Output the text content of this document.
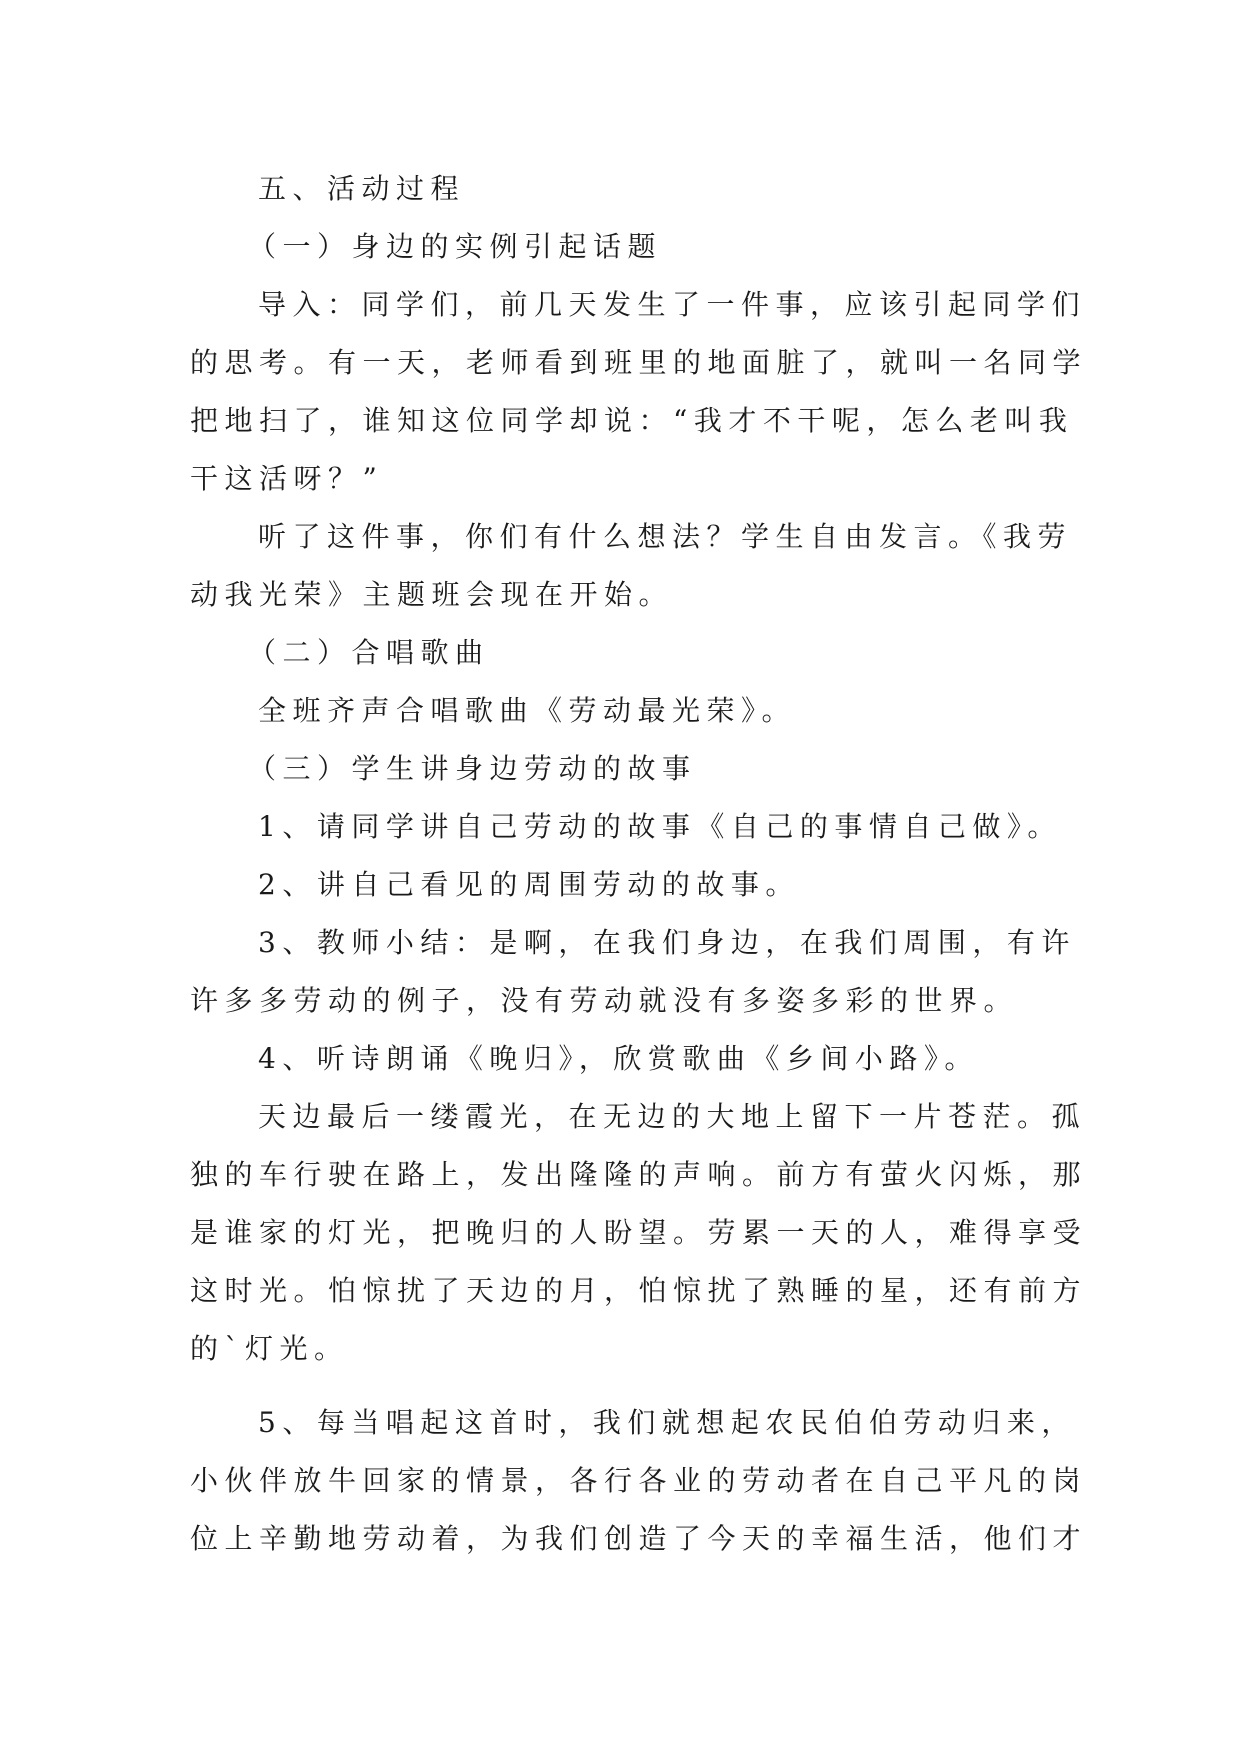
五、活动过程
（一）身边的实例引起话题
导入：同学们，前几天发生了一件事，应该引起同学们
的思考。有一天，老师看到班里的地面脏了，就叫一名同学
把地扫了，谁知这位同学却说：“我才不干呢，怎么老叫我
干这活呀？”
听了这件事，你们有什么想法？学生自由发言。《我劳
动我光荣》主题班会现在开始。
（二）合唱歌曲
全班齐声合唱歌曲《劳动最光荣》。
（三）学生讲身边劳动的故事
1、请同学讲自己劳动的故事《自己的事情自己做》。
2、讲自己看见的周围劳动的故事。
3、教师小结：是啊，在我们身边，在我们周围，有许
许多多劳动的例子，没有劳动就没有多姿多彩的世界。
4、听诗朗诵《晚归》，欣赏歌曲《乡间小路》。
天边最后一缕霞光，在无边的大地上留下一片苍茫。孤
独的车行驶在路上，发出隆隆的声响。前方有萤火闪烁，那
是谁家的灯光，把晚归的人盼望。劳累一天的人，难得享受
这时光。怕惊扰了天边的月，怕惊扰了熟睡的星，还有前方
的`灯光。
5、每当唱起这首时，我们就想起农民伯伯劳动归来，
小伙伴放牛回家的情景，各行各业的劳动者在自己平凡的岗
位上辛勤地劳动着，为我们创造了今天的幸福生活，他们才
